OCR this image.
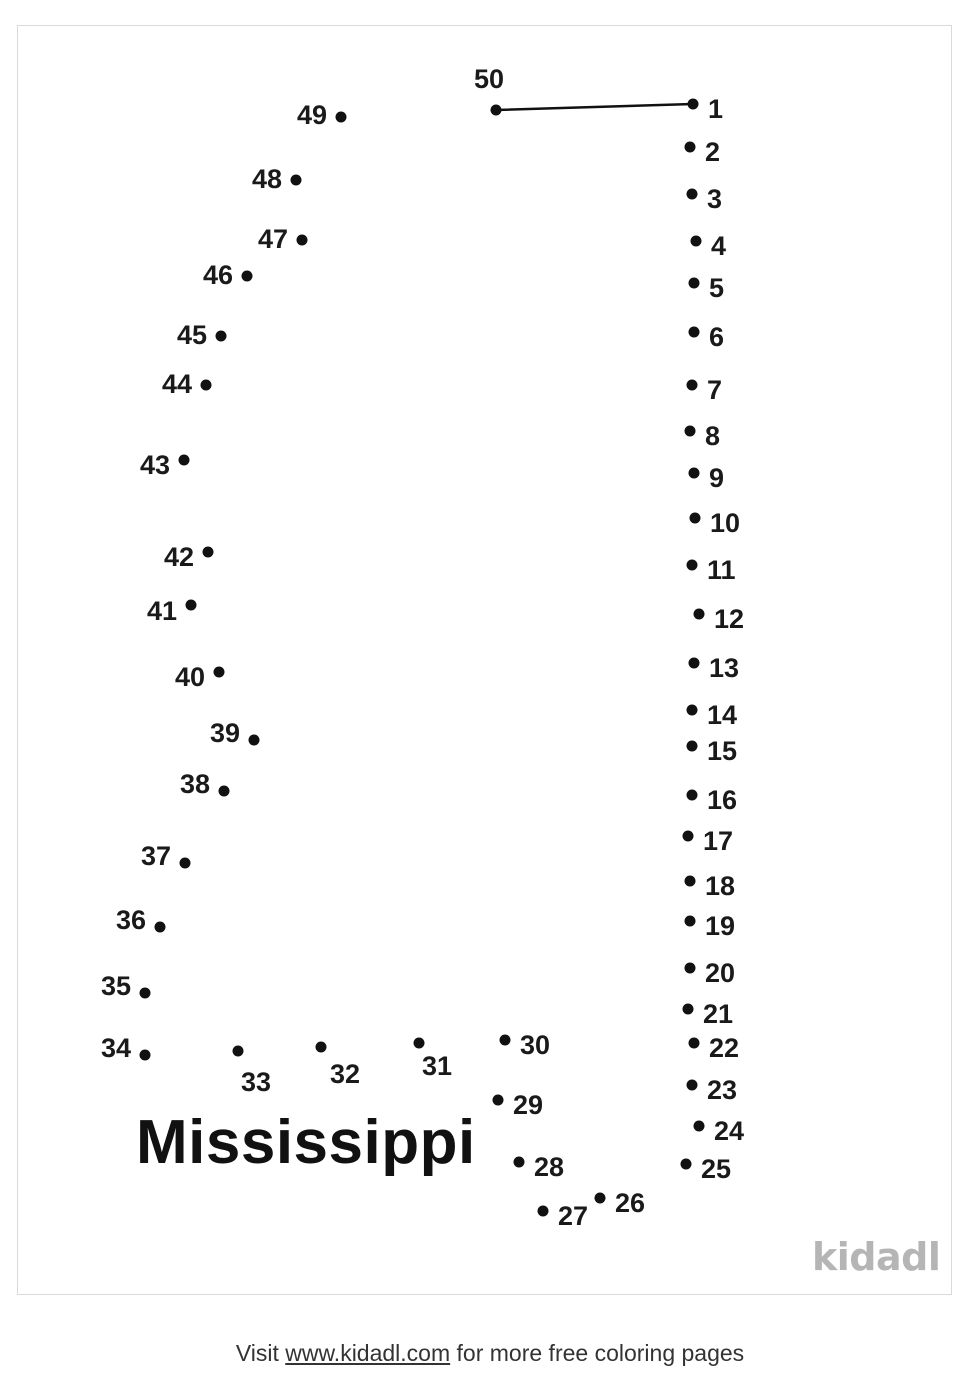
1
2
3
4
5
6
7
8
9
10
11
12
13
14
15
16
17
18
19
20
21
22
23
24
25
26
27
28
29
30
31
32
33
34
35
36
37
38
39
40
41
42
43
44
45
46
47
48
49
50
Mississippi
kidadl
Visit www.kidadl.com for more free coloring pages
